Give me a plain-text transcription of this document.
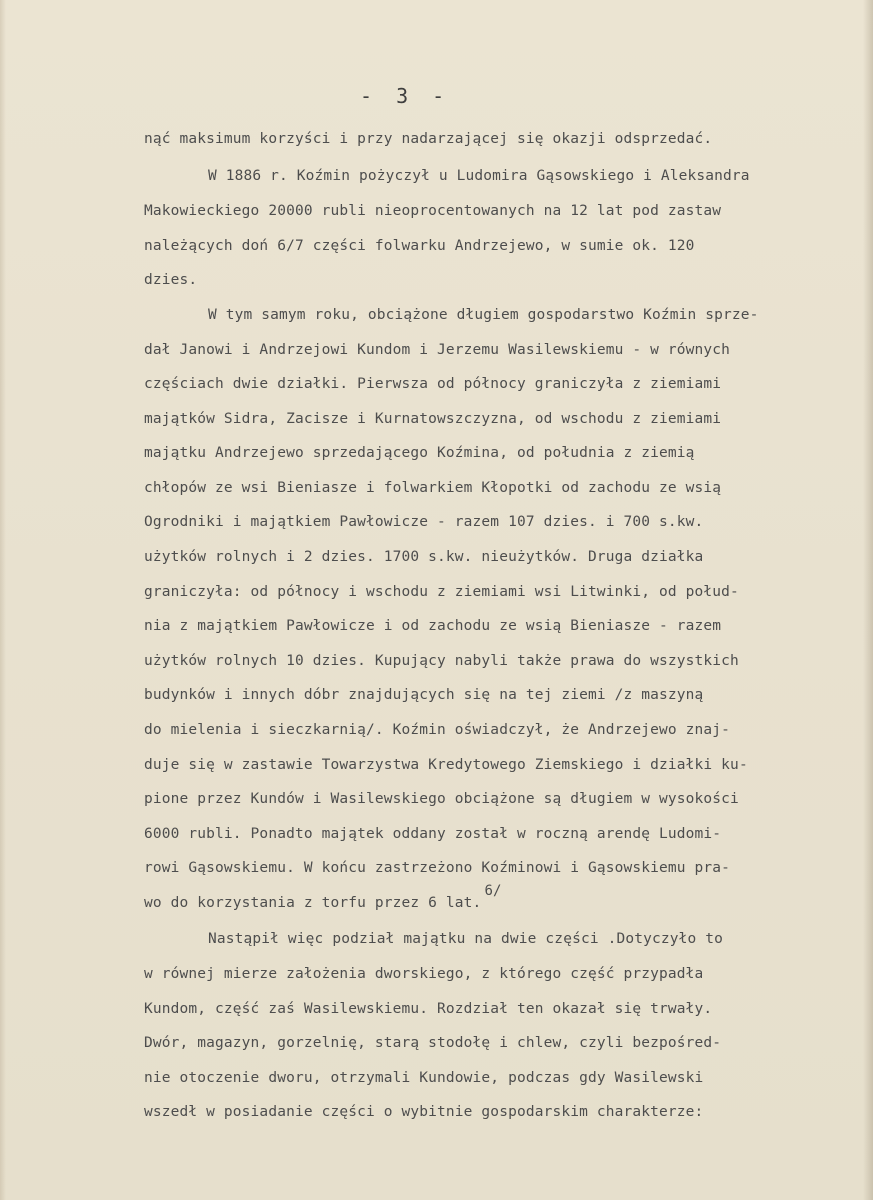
- 3 -
nąć maksimum korzyści i przy nadarzającej się okazji odsprzedać.
W 1886 r. Koźmin pożyczył u Ludomira Gąsowskiego i Aleksandra
Makowieckiego 20000 rubli nieoprocentowanych na 12 lat pod zastaw
należących doń 6/7 części folwarku Andrzejewo, w sumie ok. 120
dzies.
W tym samym roku, obciążone długiem gospodarstwo Koźmin sprze-
dał Janowi i Andrzejowi Kundom i Jerzemu Wasilewskiemu - w równych
częściach dwie działki. Pierwsza od północy graniczyła z ziemiami
majątków Sidra, Zacisze i Kurnatowszczyzna, od wschodu z ziemiami
majątku Andrzejewo sprzedającego Koźmina, od południa z ziemią
chłopów ze wsi Bieniasze i folwarkiem Kłopotki od zachodu ze wsią
Ogrodniki i majątkiem Pawłowicze - razem 107 dzies. i 700 s.kw.
użytków rolnych i 2 dzies. 1700 s.kw. nieużytków. Druga działka
graniczyła: od północy i wschodu z ziemiami wsi Litwinki, od połud-
nia z majątkiem Pawłowicze i od zachodu ze wsią Bieniasze - razem
użytków rolnych 10 dzies. Kupujący nabyli także prawa do wszystkich
budynków i innych dóbr znajdujących się na tej ziemi /z maszyną
do mielenia i sieczkarnią/. Koźmin oświadczył, że Andrzejewo znaj-
duje się w zastawie Towarzystwa Kredytowego Ziemskiego i działki ku-
pione przez Kundów i Wasilewskiego obciążone są długiem w wysokości
6000 rubli. Ponadto majątek oddany został w roczną arendę Ludomi-
rowi Gąsowskiemu. W końcu zastrzeżono Koźminowi i Gąsowskiemu pra-
wo do korzystania z torfu przez 6 lat.6/
Nastąpił więc podział majątku na dwie części .Dotyczyło to
w równej mierze założenia dworskiego, z którego część przypadła
Kundom, część zaś Wasilewskiemu. Rozdział ten okazał się trwały.
Dwór, magazyn, gorzelnię, starą stodołę i chlew, czyli bezpośred-
nie otoczenie dworu, otrzymali Kundowie, podczas gdy Wasilewski
wszedł w posiadanie części o wybitnie gospodarskim charakterze:
